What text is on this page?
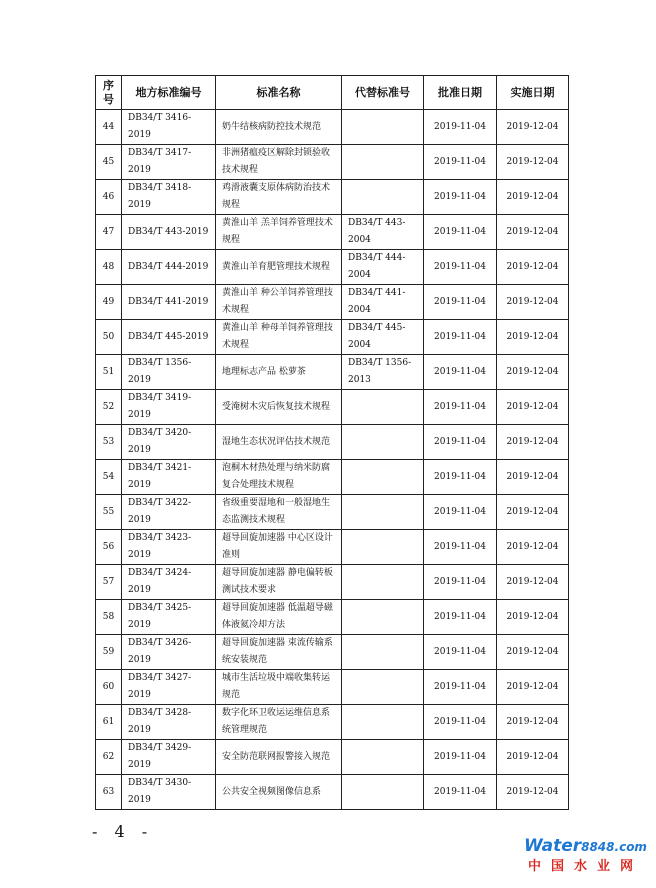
序号	地方标准编号	标准名称	代替标准号	批准日期	实施日期
44	DB34/T 3416-2019	奶牛结核病防控技术规范		2019-11-04	2019-12-04
45	DB34/T 3417-2019	非洲猪瘟疫区解除封锁验收技术规程		2019-11-04	2019-12-04
46	DB34/T 3418-2019	鸡滑液囊支原体病防治技术规程		2019-11-04	2019-12-04
47	DB34/T 443-2019	黄淮山羊 羔羊饲养管理技术规程	DB34/T 443-2004	2019-11-04	2019-12-04
48	DB34/T 444-2019	黄淮山羊育肥管理技术规程	DB34/T 444-2004	2019-11-04	2019-12-04
49	DB34/T 441-2019	黄淮山羊 种公羊饲养管理技术规程	DB34/T 441-2004	2019-11-04	2019-12-04
50	DB34/T 445-2019	黄淮山羊 种母羊饲养管理技术规程	DB34/T 445-2004	2019-11-04	2019-12-04
51	DB34/T 1356-2019	地理标志产品 松萝茶	DB34/T 1356-2013	2019-11-04	2019-12-04
52	DB34/T 3419-2019	受淹树木灾后恢复技术规程		2019-11-04	2019-12-04
53	DB34/T 3420-2019	湿地生态状况评估技术规范		2019-11-04	2019-12-04
54	DB34/T 3421-2019	泡桐木材热处理与纳米防腐复合处理技术规程		2019-11-04	2019-12-04
55	DB34/T 3422-2019	省级重要湿地和一般湿地生态监测技术规程		2019-11-04	2019-12-04
56	DB34/T 3423-2019	超导回旋加速器 中心区设计准则		2019-11-04	2019-12-04
57	DB34/T 3424-2019	超导回旋加速器 静电偏转板测试技术要求		2019-11-04	2019-12-04
58	DB34/T 3425-2019	超导回旋加速器 低温超导磁体液氦冷却方法		2019-11-04	2019-12-04
59	DB34/T 3426-2019	超导回旋加速器 束流传输系统安装规范		2019-11-04	2019-12-04
60	DB34/T 3427-2019	城市生活垃圾中端收集转运规范		2019-11-04	2019-12-04
61	DB34/T 3428-2019	数字化环卫收运运维信息系统管理规范		2019-11-04	2019-12-04
62	DB34/T 3429-2019	安全防范联网报警接入规范		2019-11-04	2019-12-04
63	DB34/T 3430-2019	公共安全视频图像信息系		2019-11-04	2019-12-04
- 4 -
Water8848.com
中国水业网
